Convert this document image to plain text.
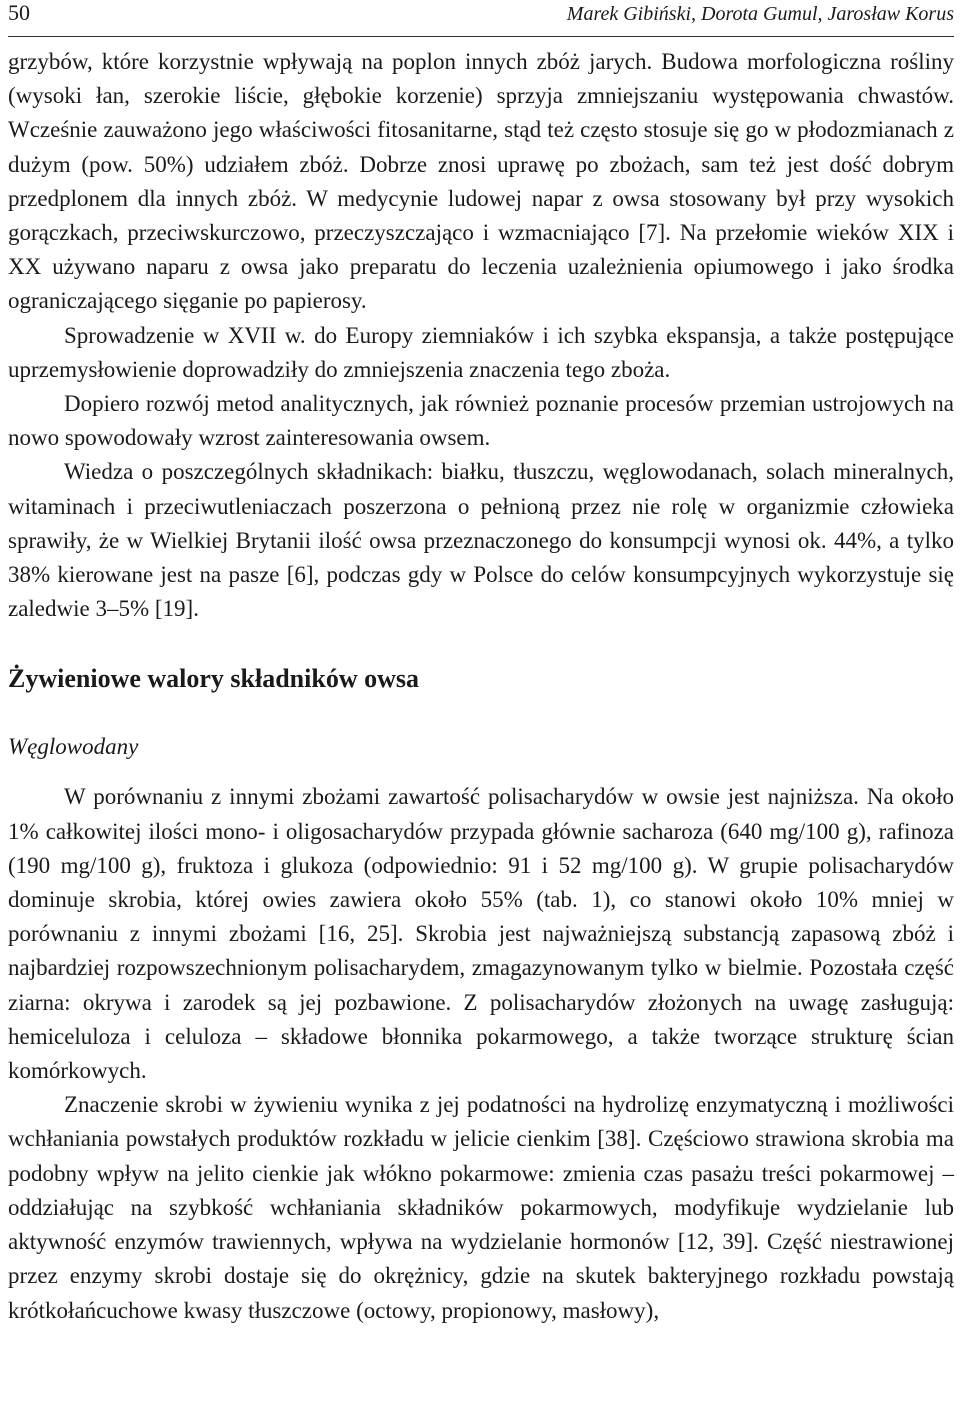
50	Marek Gibiński, Dorota Gumul, Jarosław Korus

grzybów, które korzystnie wpływają na poplon innych zbóż jarych. Budowa morfologiczna rośliny (wysoki łan, szerokie liście, głębokie korzenie) sprzyja zmniejszaniu występowania chwastów. Wcześnie zauważono jego właściwości fitosanitarne, stąd też często stosuje się go w płodozmianach z dużym (pow. 50%) udziałem zbóż. Dobrze znosi uprawę po zbożach, sam też jest dość dobrym przedplonem dla innych zbóż. W medycynie ludowej napar z owsa stosowany był przy wysokich gorączkach, przeciwskurczowo, przeczyszczająco i wzmacniająco [7]. Na przełomie wieków XIX i XX używano naparu z owsa jako preparatu do leczenia uzależnienia opiumowego i jako środka ograniczającego sięganie po papierosy.

Sprowadzenie w XVII w. do Europy ziemniaków i ich szybka ekspansja, a także postępujące uprzemysłowienie doprowadziły do zmniejszenia znaczenia tego zboża.

Dopiero rozwój metod analitycznych, jak również poznanie procesów przemian ustrojowych na nowo spowodowały wzrost zainteresowania owsem.

Wiedza o poszczególnych składnikach: białku, tłuszczu, węglowodanach, solach mineralnych, witaminach i przeciwutleniaczach poszerzona o pełnioną przez nie rolę w organizmie człowieka sprawiły, że w Wielkiej Brytanii ilość owsa przeznaczonego do konsumpcji wynosi ok. 44%, a tylko 38% kierowane jest na pasze [6], podczas gdy w Polsce do celów konsumpcyjnych wykorzystuje się zaledwie 3–5% [19].

Żywieniowe walory składników owsa
Węglowodany

W porównaniu z innymi zbożami zawartość polisacharydów w owsie jest najniższa. Na około 1% całkowitej ilości mono- i oligosacharydów przypada głównie sacharoza (640 mg/100 g), rafinoza (190 mg/100 g), fruktoza i glukoza (odpowiednio: 91 i 52 mg/100 g). W grupie polisacharydów dominuje skrobia, której owies zawiera około 55% (tab. 1), co stanowi około 10% mniej w porównaniu z innymi zbożami [16, 25]. Skrobia jest najważniejszą substancją zapasową zbóż i najbardziej rozpowszechnionym polisacharydem, zmagazynowanym tylko w bielmie. Pozostała część ziarna: okrywa i zarodek są jej pozbawione. Z polisacharydów złożonych na uwagę zasługują: hemiceluloza i celuloza – składowe błonnika pokarmowego, a także tworzące strukturę ścian komórkowych.

Znaczenie skrobi w żywieniu wynika z jej podatności na hydrolizę enzymatyczną i możliwości wchłaniania powstałych produktów rozkładu w jelicie cienkim [38]. Częściowo strawiona skrobia ma podobny wpływ na jelito cienkie jak włókno pokarmowe: zmienia czas pasażu treści pokarmowej – oddziałując na szybkość wchłaniania składników pokarmowych, modyfikuje wydzielanie lub aktywność enzymów trawiennych, wpływa na wydzielanie hormonów [12, 39]. Część niestrawionej przez enzymy skrobi dostaje się do okrężnicy, gdzie na skutek bakteryjnego rozkładu powstają krótkołańcuchowe kwasy tłuszczowe (octowy, propionowy, masłowy),
